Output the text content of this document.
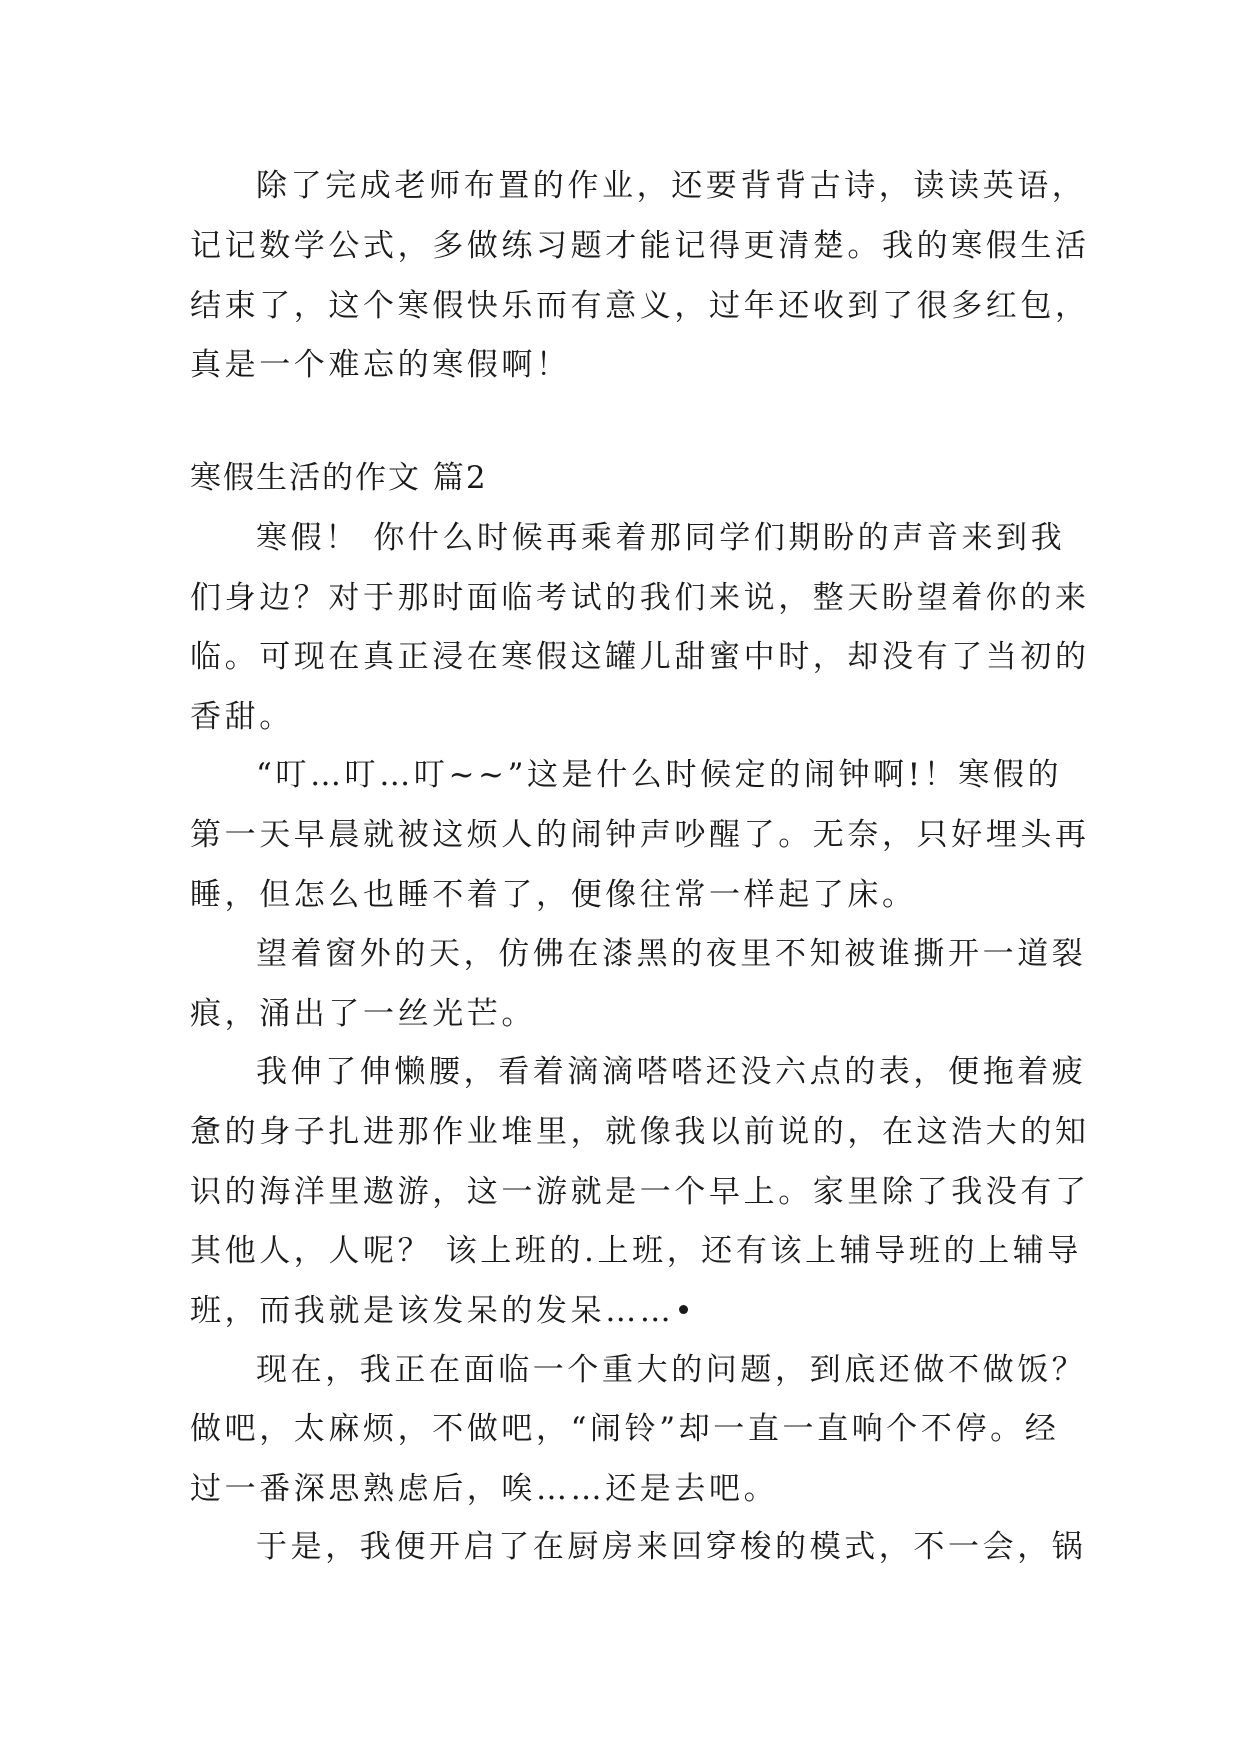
除了完成老师布置的作业，还要背背古诗，读读英语，
记记数学公式，多做练习题才能记得更清楚。我的寒假生活
结束了，这个寒假快乐而有意义，过年还收到了很多红包，
真是一个难忘的寒假啊！
寒假生活的作文 篇2
寒假！ 你什么时候再乘着那同学们期盼的声音来到我
们身边？对于那时面临考试的我们来说，整天盼望着你的来
临。可现在真正浸在寒假这罐儿甜蜜中时，却没有了当初的
香甜。
“叮…叮…叮~~”这是什么时候定的闹钟啊!！寒假的
第一天早晨就被这烦人的闹钟声吵醒了。无奈，只好埋头再
睡，但怎么也睡不着了，便像往常一样起了床。
望着窗外的天，仿佛在漆黑的夜里不知被谁撕开一道裂
痕，涌出了一丝光芒。
我伸了伸懒腰，看着滴滴嗒嗒还没六点的表，便拖着疲
惫的身子扎进那作业堆里，就像我以前说的，在这浩大的知
识的海洋里遨游，这一游就是一个早上。家里除了我没有了
其他人，人呢？ 该上班的.上班，还有该上辅导班的上辅导
班，而我就是该发呆的发呆……•
现在，我正在面临一个重大的问题，到底还做不做饭？
做吧，太麻烦，不做吧，“闹铃”却一直一直响个不停。经
过一番深思熟虑后，唉……还是去吧。
于是，我便开启了在厨房来回穿梭的模式，不一会，锅
